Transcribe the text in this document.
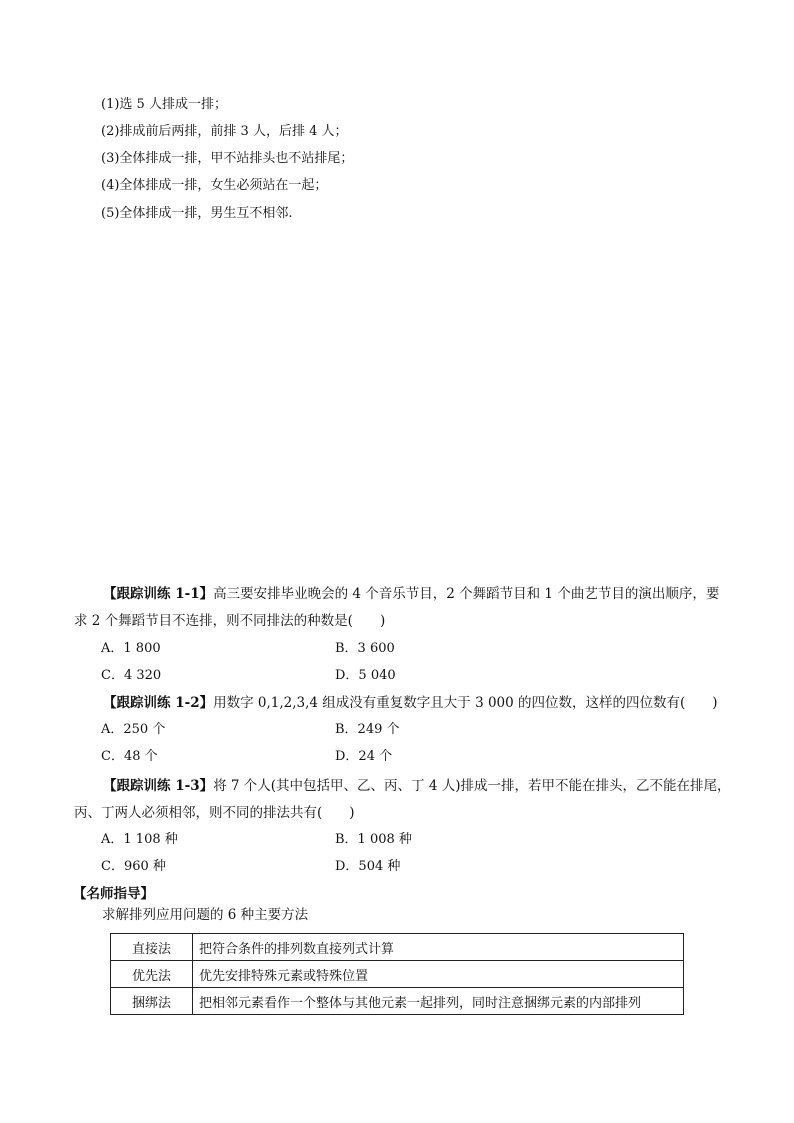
(1)选 5 人排成一排；
(2)排成前后两排，前排 3 人，后排 4 人；
(3)全体排成一排，甲不站排头也不站排尾；
(4)全体排成一排，女生必须站在一起；
(5)全体排成一排，男生互不相邻.
【跟踪训练 1-1】高三要安排毕业晚会的 4 个音乐节目，2 个舞蹈节目和 1 个曲艺节目的演出顺序，要
求 2 个舞蹈节目不连排，则不同排法的种数是(　　)
A．1 800	B．3 600
C．4 320	D．5 040
【跟踪训练 1-2】用数字 0,1,2,3,4 组成没有重复数字且大于 3 000 的四位数，这样的四位数有(　　)
A．250 个	B．249 个
C．48 个	D．24 个
【跟踪训练 1-3】将 7 个人(其中包括甲、乙、丙、丁 4 人)排成一排，若甲不能在排头，乙不能在排尾，
丙、丁两人必须相邻，则不同的排法共有(　　)
A．1 108 种	B．1 008 种
C．960 种	D．504 种
【名师指导】
求解排列应用问题的 6 种主要方法
直接法	把符合条件的排列数直接列式计算
优先法	优先安排特殊元素或特殊位置
捆绑法	把相邻元素看作一个整体与其他元素一起排列，同时注意捆绑元素的内部排列
